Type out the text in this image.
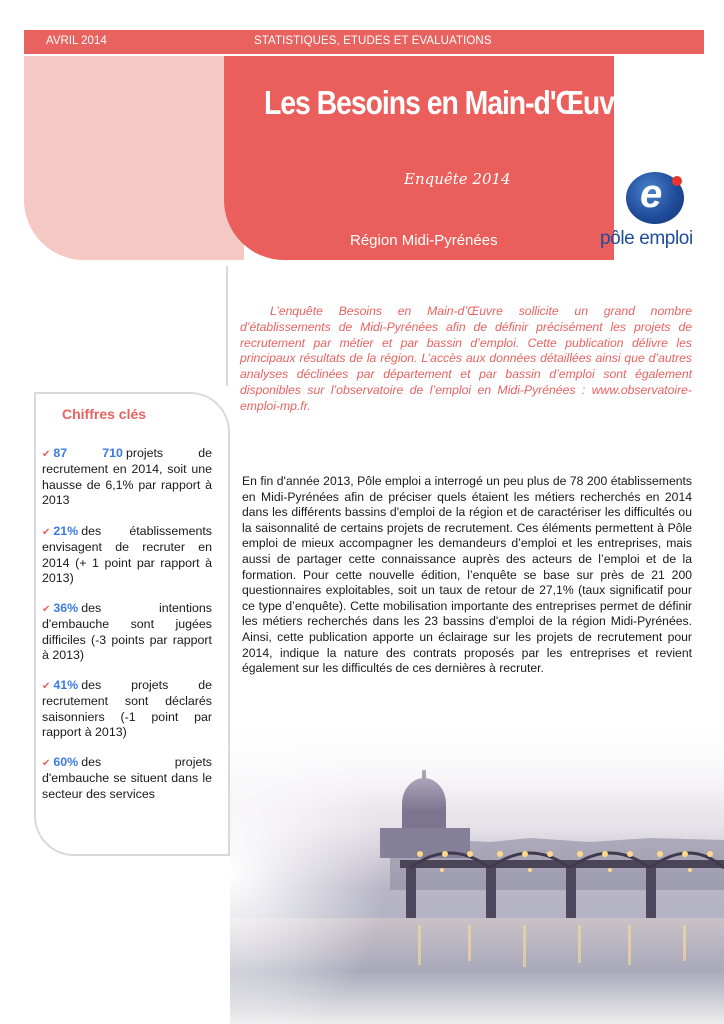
AVRIL 2014	STATISTIQUES, ETUDES ET EVALUATIONS
Les Besoins en Main-d'Œuvre
Enquête 2014
Région Midi-Pyrénées
e
pôle emploi
L’enquête Besoins en Main-d’Œuvre sollicite un grand nombre d’établissements de Midi-Pyrénées afin de définir précisément les projets de recrutement par métier et par bassin d’emploi. Cette publication délivre les principaux résultats de la région. L’accès aux données détaillées ainsi que d’autres analyses déclinées par département et par bassin d’emploi sont également disponibles sur l’observatoire de l’emploi en Midi-Pyrénées : www.observatoire-emploi-mp.fr.
Chiffres clés
✔ 87 710 projets de recrutement en 2014, soit une hausse de 6,1% par rapport à 2013
✔ 21% des établissements envisagent de recruter en 2014 (+ 1 point par rapport à 2013)
✔ 36% des intentions d'embauche sont jugées difficiles (-3 points par rapport à 2013)
✔ 41% des projets de recrutement sont déclarés saisonniers (-1 point par rapport à 2013)
✔ 60% des projets d'embauche se situent dans le secteur des services
En fin d'année 2013, Pôle emploi a interrogé un peu plus de 78 200 établissements en Midi-Pyrénées afin de préciser quels étaient les métiers recherchés en 2014 dans les différents bassins d'emploi de la région et de caractériser les difficultés ou la saisonnalité de certains projets de recrutement. Ces éléments permettent à Pôle emploi de mieux accompagner les demandeurs d’emploi et les entreprises, mais aussi de partager cette connaissance auprès des acteurs de l’emploi et de la formation. Pour cette nouvelle édition, l’enquête se base sur près de 21 200 questionnaires exploitables, soit un taux de retour de 27,1% (taux significatif pour ce type d’enquête). Cette mobilisation importante des entreprises permet de définir les métiers recherchés dans les 23 bassins d'emploi de la région Midi-Pyrénées. Ainsi, cette publication apporte un éclairage sur les projets de recrutement pour 2014, indique la nature des contrats proposés par les entreprises et revient également sur les difficultés de ces dernières à recruter.
